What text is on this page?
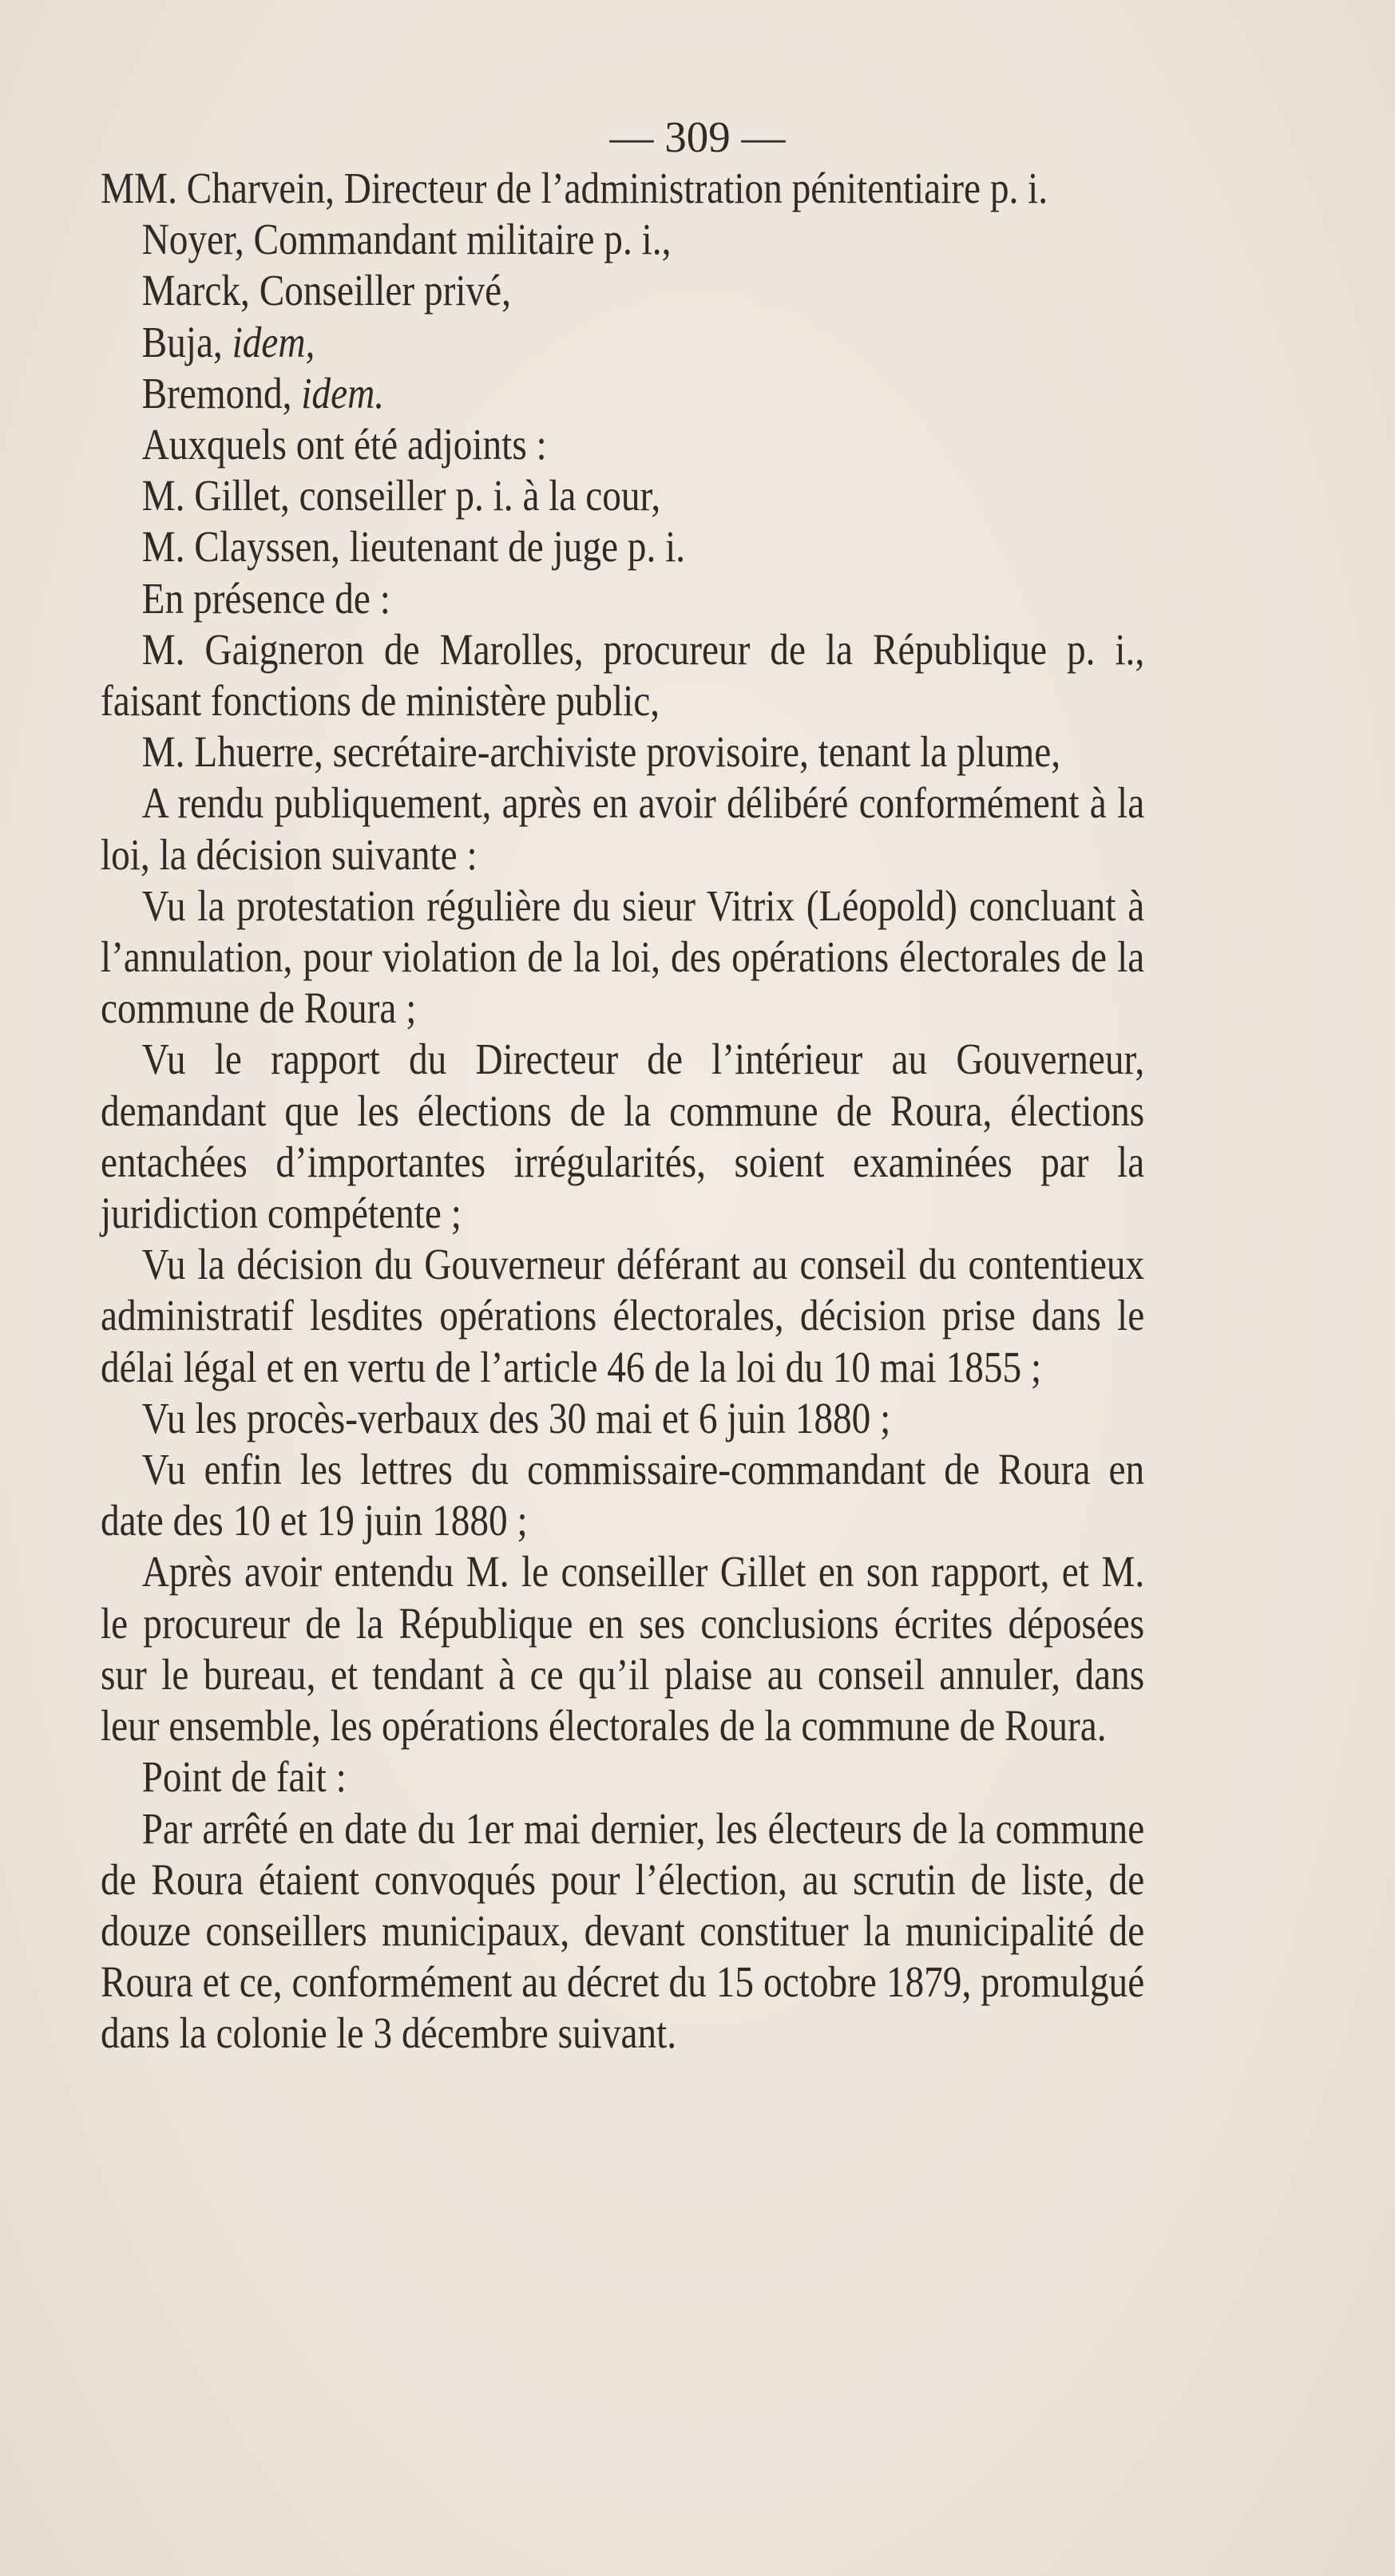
— 309 —

MM. Charvein, Directeur de l’administration pénitentiaire p. i.

Noyer, Commandant militaire p. i.,

Marck, Conseiller privé,

Buja, idem,

Bremond, idem.

Auxquels ont été adjoints :

M. Gillet, conseiller p. i. à la cour,

M. Clayssen, lieutenant de juge p. i.

En présence de :

M. Gaigneron de Marolles, procureur de la République p. i., faisant fonctions de ministère public,

M. Lhuerre, secrétaire-archiviste provisoire, tenant la plume,

A rendu publiquement, après en avoir délibéré conformément à la loi, la décision suivante :

Vu la protestation régulière du sieur Vitrix (Léopold) concluant à l’annulation, pour violation de la loi, des opérations électorales de la commune de Roura ;

Vu le rapport du Directeur de l’intérieur au Gouverneur, demandant que les élections de la commune de Roura, élections entachées d’importantes irrégularités, soient examinées par la juridiction compétente ;

Vu la décision du Gouverneur déférant au conseil du contentieux administratif lesdites opérations électorales, décision prise dans le délai légal et en vertu de l’article 46 de la loi du 10 mai 1855 ;

Vu les procès-verbaux des 30 mai et 6 juin 1880 ;

Vu enfin les lettres du commissaire-commandant de Roura en date des 10 et 19 juin 1880 ;

Après avoir entendu M. le conseiller Gillet en son rapport, et M. le procureur de la République en ses conclusions écrites déposées sur le bureau, et tendant à ce qu’il plaise au conseil annuler, dans leur ensemble, les opérations électorales de la commune de Roura.

Point de fait :

Par arrêté en date du 1er mai dernier, les électeurs de la commune de Roura étaient convoqués pour l’élection, au scrutin de liste, de douze conseillers municipaux, devant constituer la municipalité de Roura et ce, conformément au décret du 15 octobre 1879, promulgué dans la colonie le 3 décembre suivant.
